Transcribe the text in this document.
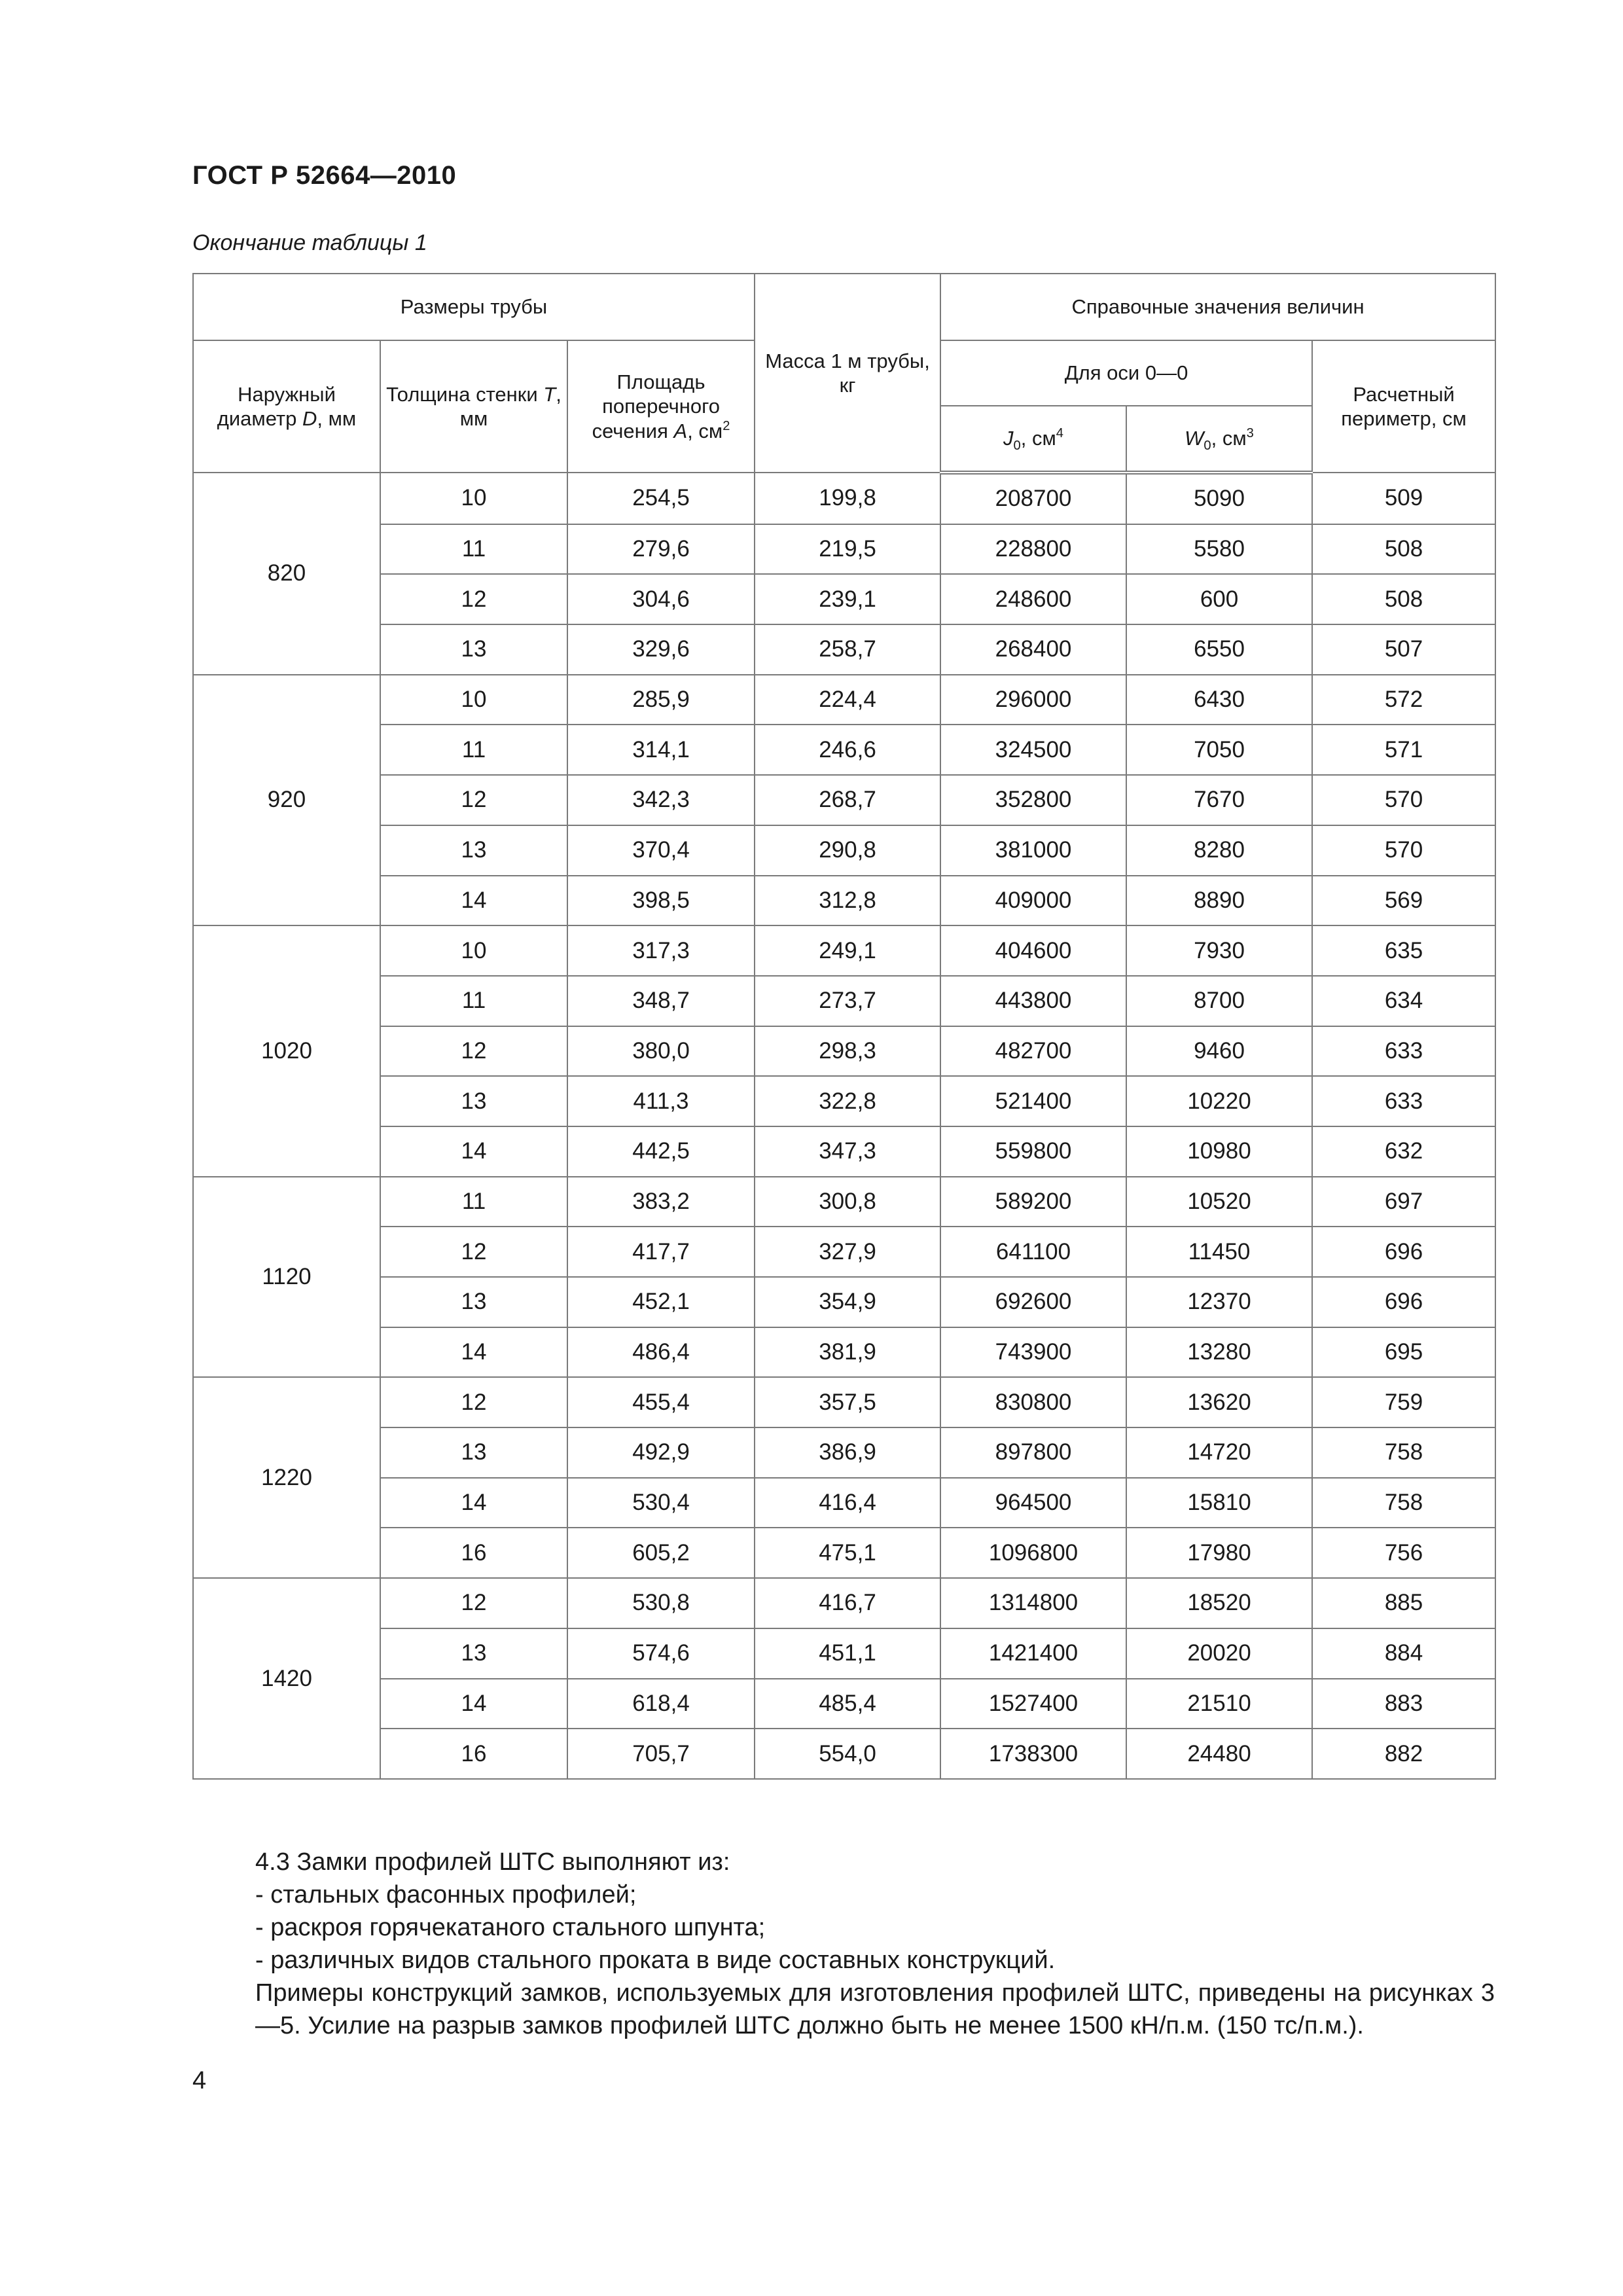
ГОСТ Р 52664—2010
Окончание таблицы 1
Размеры трубы			Масса 1 м трубы, кг	Справочные значения величин		
Наружный диаметр D, мм	Толщина стенки T, мм	Площадь поперечного сечения A, $см^2$		Для оси 0—0		Расчетный периметр, см
				$J_0$, $см^4$	$W_0$, $см^3$
820	10	254,5	199,8	208700	5090	509
	11	279,6	219,5	228800	5580	508
	12	304,6	239,1	248600	600	508
	13	329,6	258,7	268400	6550	507
920	10	285,9	224,4	296000	6430	572
	11	314,1	246,6	324500	7050	571
	12	342,3	268,7	352800	7670	570
	13	370,4	290,8	381000	8280	570
	14	398,5	312,8	409000	8890	569
1020	10	317,3	249,1	404600	7930	635
	11	348,7	273,7	443800	8700	634
	12	380,0	298,3	482700	9460	633
	13	411,3	322,8	521400	10220	633
	14	442,5	347,3	559800	10980	632
1120	11	383,2	300,8	589200	10520	697
	12	417,7	327,9	641100	11450	696
	13	452,1	354,9	692600	12370	696
	14	486,4	381,9	743900	13280	695
1220	12	455,4	357,5	830800	13620	759
	13	492,9	386,9	897800	14720	758
	14	530,4	416,4	964500	15810	758
	16	605,2	475,1	1096800	17980	756
1420	12	530,8	416,7	1314800	18520	885
	13	574,6	451,1	1421400	20020	884
	14	618,4	485,4	1527400	21510	883
	16	705,7	554,0	1738300	24480	882

4.3 Замки профилей ШТС выполняют из:

- стальных фасонных профилей;

- раскроя горячекатаного стального шпунта;

- различных видов стального проката в виде составных конструкций.

Примеры конструкций замков, используемых для изготовления профилей ШТС, приведены на рисунках 3—5. Усилие на разрыв замков профилей ШТС должно быть не менее 1500 кН/п.м. (150 тс/п.м.).

4
